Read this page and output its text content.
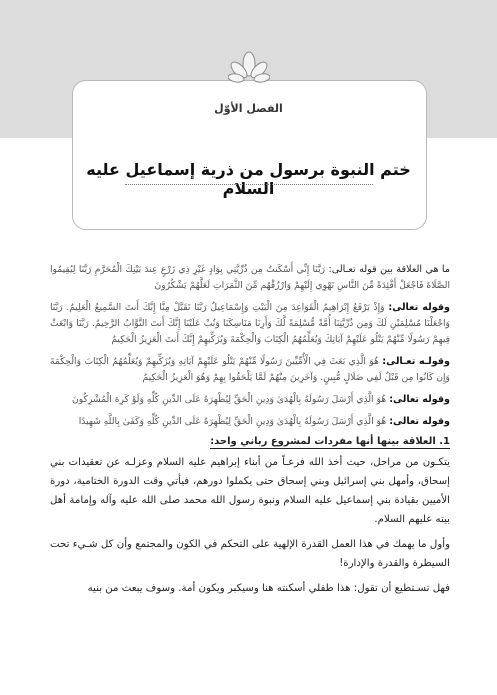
الفصل الأوّل
ختم النبوة برسول من ذرية إسماعيل عليه السلام

ما هي العلاقة بين قوله تعـالى: رَبَّنَا إِنِّي أَسْكَنتُ مِن ذُرِّيَّتِي بِوَادٍ غَيْرِ ذِي زَرْعٍ عِندَ بَيْتِكَ الْمُحَرَّمِ رَبَّنَا لِيُقِيمُوا الصَّلَاةَ فَاجْعَلْ أَفْئِدَةً مِّنَ النَّاسِ تَهْوِي إِلَيْهِمْ وَارْزُقْهُم مِّنَ الثَّمَرَاتِ لَعَلَّهُمْ يَشْكُرُونَ

وقوله تعالى: وَإِذْ يَرْفَعُ إِبْرَاهِيمُ الْقَوَاعِدَ مِنَ الْبَيْتِ وَإِسْمَاعِيلُ رَبَّنَا تَقَبَّلْ مِنَّا إِنَّكَ أَنتَ السَّمِيعُ الْعَلِيمُ. رَبَّنَا وَاجْعَلْنَا مُسْلِمَيْنِ لَكَ وَمِن ذُرِّيَّتِنَا أُمَّةً مُّسْلِمَةً لَّكَ وَأَرِنَا مَنَاسِكَنَا وَتُبْ عَلَيْنَا إِنَّكَ أَنتَ التَّوَّابُ الرَّحِيمُ. رَبَّنَا وَابْعَثْ فِيهِمْ رَسُولًا مِّنْهُمْ يَتْلُو عَلَيْهِمْ آيَاتِكَ وَيُعَلِّمُهُمُ الْكِتَابَ وَالْحِكْمَةَ وَيُزَكِّيهِمْ إِنَّكَ أَنتَ الْعَزِيزُ الْحَكِيمُ

وقولـه تعـالى: هُوَ الَّذِي بَعَثَ فِي الْأُمِّيِّينَ رَسُولًا مِّنْهُمْ يَتْلُو عَلَيْهِمْ آيَاتِهِ وَيُزَكِّيهِمْ وَيُعَلِّمُهُمُ الْكِتَابَ وَالْحِكْمَةَ وَإِن كَانُوا مِن قَبْلُ لَفِي ضَلَالٍ مُّبِينٍ. وَآخَرِينَ مِنْهُمْ لَمَّا يَلْحَقُوا بِهِمْ وَهُوَ الْعَزِيزُ الْحَكِيمُ

وقوله تعالى: هُوَ الَّذِي أَرْسَلَ رَسُولَهُ بِالْهُدَىٰ وَدِينِ الْحَقِّ لِيُظْهِرَهُ عَلَى الدِّينِ كُلِّهِ وَلَوْ كَرِهَ الْمُشْرِكُونَ

وقوله تعالى: هُوَ الَّذِي أَرْسَلَ رَسُولَهُ بِالْهُدَىٰ وَدِينِ الْحَقِّ لِيُظْهِرَهُ عَلَى الدِّينِ كُلِّهِ وَكَفَىٰ بِاللَّهِ شَهِيدًا

1. العلاقة بينها أنها مفردات لمشروع رباني واحد:

يتكـون من مراحل، حيث أخذ الله فرعـاً من أبناء إبراهيم عليه السلام وعزلـه عن تعقيدات بني إسحاق، وأمهل بني إسرائيل وبني إسحاق حتى يكملوا دورهم، فيأتي وقت الدورة الختامية، دورة الأميين بقيادة بني إسماعيل عليه السلام ونبوة رسول الله محمد صلى الله عليه وآله وإمامة أهل بيته عليهم السلام.

وأول ما يهمك في هذا العمل القدرة الإلهية على التحكم في الكون والمجتمع وأن كل شـيء تحت السيطرة والقدرة والإدارة!

فهل تسـتطيع أن تقول: هذا طفلي أسكنته هنا وسيكبر ويكون أمة. وسوف يبعث من بنيه
